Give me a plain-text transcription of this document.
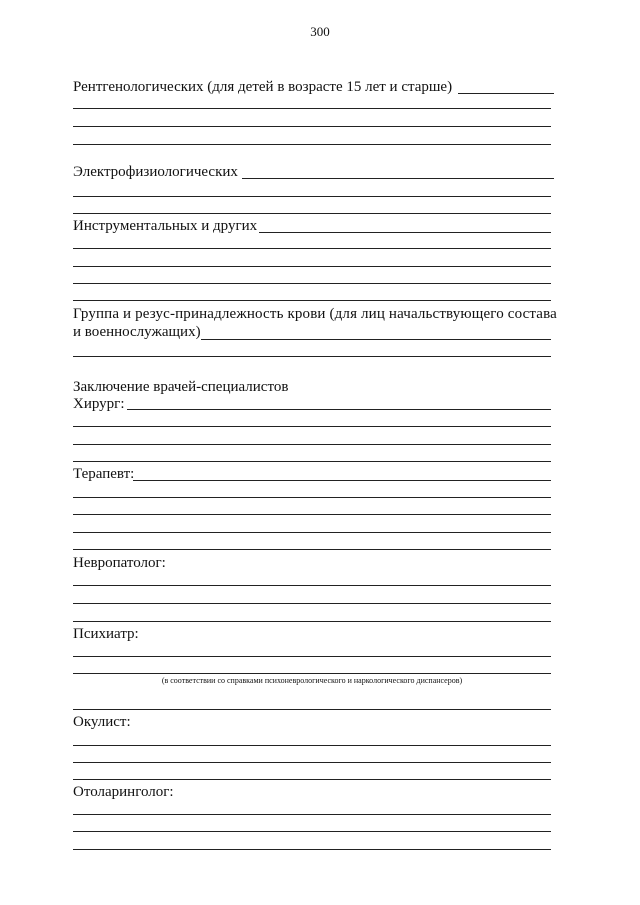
300
Рентгенологических (для детей в возрасте 15 лет и старше)
Электрофизиологических
Инструментальных и других
Группа и резус-принадлежность крови (для лиц начальствующего состава
и военнослужащих)
Заключение врачей-специалистов
Хирург:
Терапевт:
Невропатолог:
Психиатр:
(в соответствии со справками психоневрологического и наркологического диспансеров)
Окулист:
Отоларинголог:
